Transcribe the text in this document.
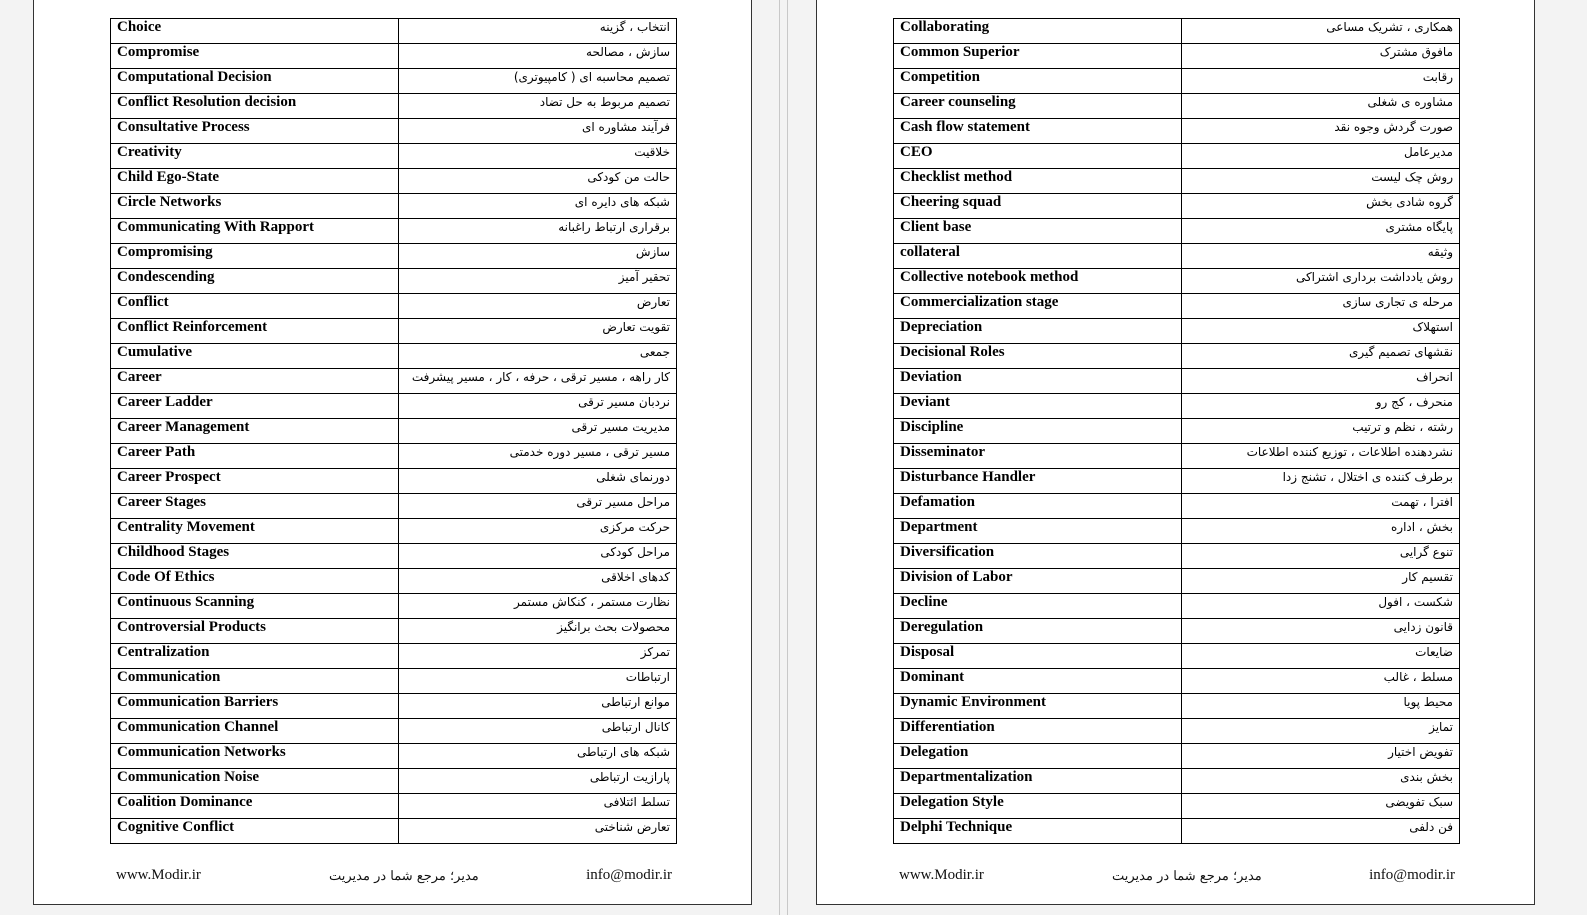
Choice	انتخاب ، گزینه
Compromise	سازش ، مصالحه
Computational Decision	تصمیم محاسبه ای ( کامپیوتری)
Conflict Resolution decision	تصمیم مربوط به حل تضاد
Consultative Process	فرآیند مشاوره ای
Creativity	خلاقیت
Child Ego-State	حالت من کودکی
Circle Networks	شبکه های دایره ای
Communicating With Rapport	برقراری ارتباط راغبانه
Compromising	سازش
Condescending	تحقیر آمیز
Conflict	تعارض
Conflict Reinforcement	تقویت تعارض
Cumulative	جمعی
Career	کار راهه ، مسیر ترقی ، حرفه ، کار ، مسیر پیشرفت
Career Ladder	نردبان مسیر ترقی
Career Management	مدیریت مسیر ترقی
Career Path	مسیر ترقی ، مسیر دوره خدمتی
Career Prospect	دورنمای شغلی
Career Stages	مراحل مسیر ترقی
Centrality Movement	حرکت مرکزی
Childhood Stages	مراحل کودکی
Code Of Ethics	کدهای اخلاقی
Continuous Scanning	نظارت مستمر ، کنکاش مستمر
Controversial Products	محصولات بحث برانگیز
Centralization	تمرکز
Communication	ارتباطات
Communication Barriers	موانع ارتباطی
Communication Channel	کانال ارتباطی
Communication Networks	شبکه های ارتباطی
Communication Noise	پارازیت ارتباطی
Coalition Dominance	تسلط ائتلافی
Cognitive Conflict	تعارض شناختی
www.Modir.ir	مدیر؛ مرجع شما در مدیریت	info@modir.ir
Collaborating	همکاری ، تشریک مساعی
Common Superior	مافوق مشترک
Competition	رقابت
Career counseling	مشاوره ی شغلی
Cash flow statement	صورت گردش وجوه نقد
CEO	مدیرعامل
Checklist method	روش چک لیست
Cheering squad	گروه شادی بخش
Client base	پایگاه مشتری
collateral	وثیقه
Collective notebook method	روش یادداشت برداری اشتراکی
Commercialization stage	مرحله ی تجاری سازی
Depreciation	استهلاک
Decisional Roles	نقشهای تصمیم گیری
Deviation	انحراف
Deviant	منحرف ، کج رو
Discipline	رشته ، نظم و ترتیب
Disseminator	نشردهنده اطلاعات ، توزیع کننده اطلاعات
Disturbance Handler	برطرف کننده ی اختلال ، تشنج زدا
Defamation	افترا ، تهمت
Department	بخش ، اداره
Diversification	تنوع گرایی
Division of Labor	تقسیم کار
Decline	شکست ، افول
Deregulation	قانون زدایی
Disposal	ضایعات
Dominant	مسلط ، غالب
Dynamic Environment	محیط پویا
Differentiation	تمایز
Delegation	تفویض اختیار
Departmentalization	بخش بندی
Delegation Style	سبک تفویضی
Delphi Technique	فن دلفی
www.Modir.ir	مدیر؛ مرجع شما در مدیریت	info@modir.ir
